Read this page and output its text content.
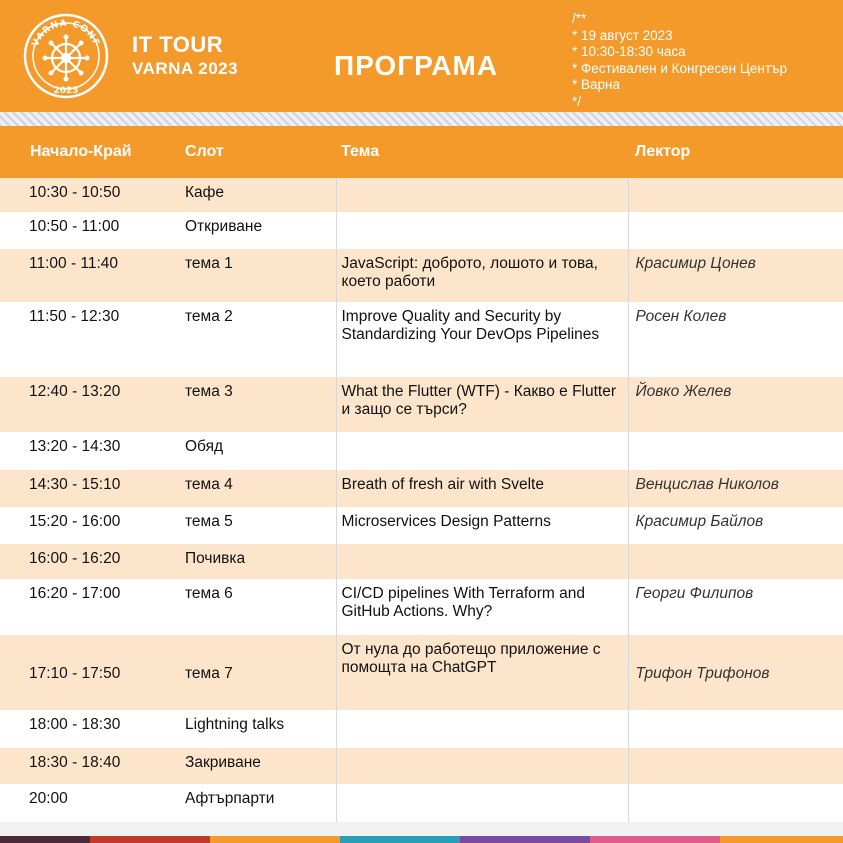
VARNA CONF
2023
IT TOUR
VARNA 2023	ПРОГРАМА
/**
* 19 август 2023
* 10:30-18:30 часа
* Фестивален и Конгресен Център
* Варна
*/
Начало-Край	Слот	Тема	Лектор
10:30 - 10:50	Кафе		
10:50 - 11:00	Откриване		
11:00 - 11:40	тема 1	JavaScript: доброто, лошото и това, което работи	Красимир Цонев
11:50 - 12:30	тема 2	Improve Quality and Security by Standardizing Your DevOps Pipelines	Росен Колев
12:40 - 13:20	тема 3	What the Flutter (WTF) - Какво е Flutter и защо се търси?	Йовко Желев
13:20 - 14:30	Обяд		
14:30 - 15:10	тема 4	Breath of fresh air with Svelte	Венцислав Николов
15:20 - 16:00	тема 5	Microservices Design Patterns	Красимир Байлов
16:00 - 16:20	Почивка		
16:20 - 17:00	тема 6	CI/CD pipelines With Terraform and GitHub Actions. Why?	Георги Филипов
17:10 - 17:50	тема 7	От нула до работещо приложение с помощта на ChatGPT	Трифон Трифонов
18:00 - 18:30	Lightning talks		
18:30 - 18:40	Закриване		
20:00	Афтърпарти		
